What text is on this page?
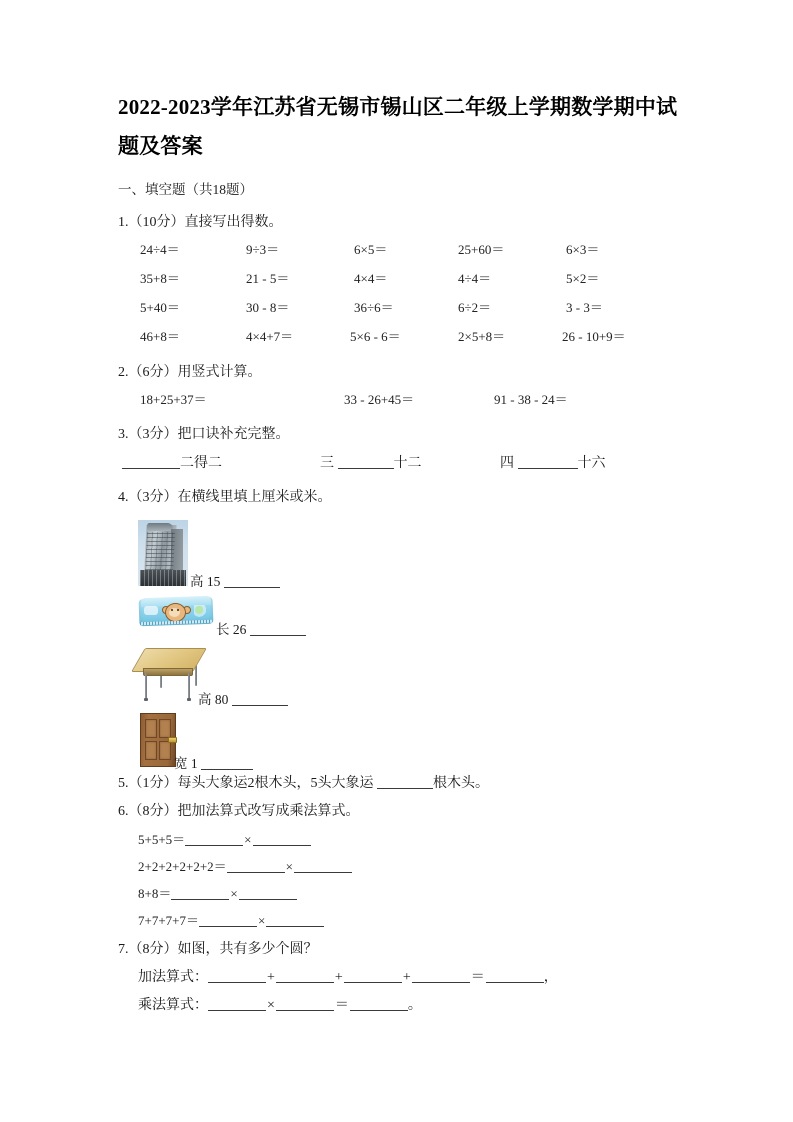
2022-2023学年江苏省无锡市锡山区二年级上学期数学期中试题及答案
一、填空题（共18题）
1.（10分）直接写出得数。
24÷4＝	9÷3＝	6×5＝	25+60＝	6×3＝
35+8＝	21 - 5＝	4×4＝	4÷4＝	5×2＝
5+40＝	30 - 8＝	36÷6＝	6÷2＝	3 - 3＝
46+8＝	4×4+7＝	5×6 - 6＝	2×5+8＝	26 - 10+9＝
2.（6分）用竖式计算。
18+25+37＝	33 - 26+45＝	91 - 38 - 24＝
3.（3分）把口诀补充完整。
二得二	三	十二	四	十六
4.（3分）在横线里填上厘米或米。
高 15
长 26
高 80
宽 1
5.（1分）每头大象运2根木头，5头大象运	根木头。
6.（8分）把加法算式改写成乘法算式。
5+5+5＝	×
2+2+2+2+2+2＝	×
8+8＝	×
7+7+7+7＝	×
7.（8分）如图，共有多少个圆？
加法算式：	+	+	+	＝	，
乘法算式：	×	＝	。
